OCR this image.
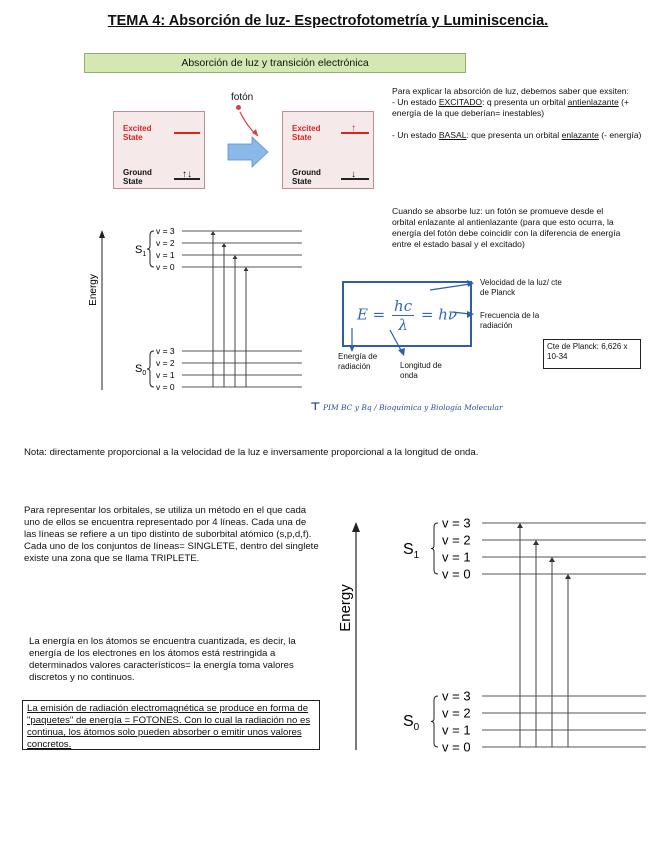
TEMA 4: Absorción de luz- Espectrofotometría y Luminiscencia.
Absorción de luz y transición electrónica
fotón
Excited
State
Ground
State
↑↓
Excited
State
↑
Ground
State
↓
Para explicar la absorción de luz, debemos saber que exsiten:
- Un estado EXCITADO: q presenta un orbital antienlazante (+ energía de la que deberían= inestables)
- Un estado BASAL: que presenta un orbital enlazante (- energía)
Cuando se absorbe luz: un fotón se promueve desde el orbital enlazante al antienlazante (para que esto ocurra, la energía del fotón debe coincidir con la diferencia de energía entre el estado basal y el excitado)
$E = \frac{hc}{\lambda} = h\nu$
Velocidad de la luz/ cte de Planck
Frecuencia de la radiación
Energía de radiación	Longitud de onda
Cte de Planck: 6,626 x 10-34
⊤ PIM BC y Bq / Bioquímica y Biología Molecular
Energy
$S_1$
$S_0$
v = 3
v = 2
v = 1
v = 0
v = 3
v = 2
v = 1
v = 0
Nota: directamente proporcional a la velocidad de la luz e inversamente proporcional a la longitud de onda.
Para representar los orbitales, se utiliza un método en el que cada uno de ellos se encuentra representado por 4 líneas. Cada una de las líneas se refiere a un tipo distinto de suborbital atómico (s,p,d,f). Cada uno de los conjuntos de líneas= SINGLETE, dentro del singlete existe una zona que se llama TRIPLETE.
La energía en los átomos se encuentra cuantizada, es decir, la energía de los electrones en los átomos está restringida a determinados valores característicos= la energía toma valores discretos y no continuos.
La emisión de radiación electromagnética se produce en forma de "paquetes" de energía = FOTONES. Con lo cual la radiación no es continua, los átomos solo pueden absorber o emitir unos valores concretos.
Energy
$S_1$
$S_0$
v = 3
v = 2
v = 1
v = 0
v = 3
v = 2
v = 1
v = 0
